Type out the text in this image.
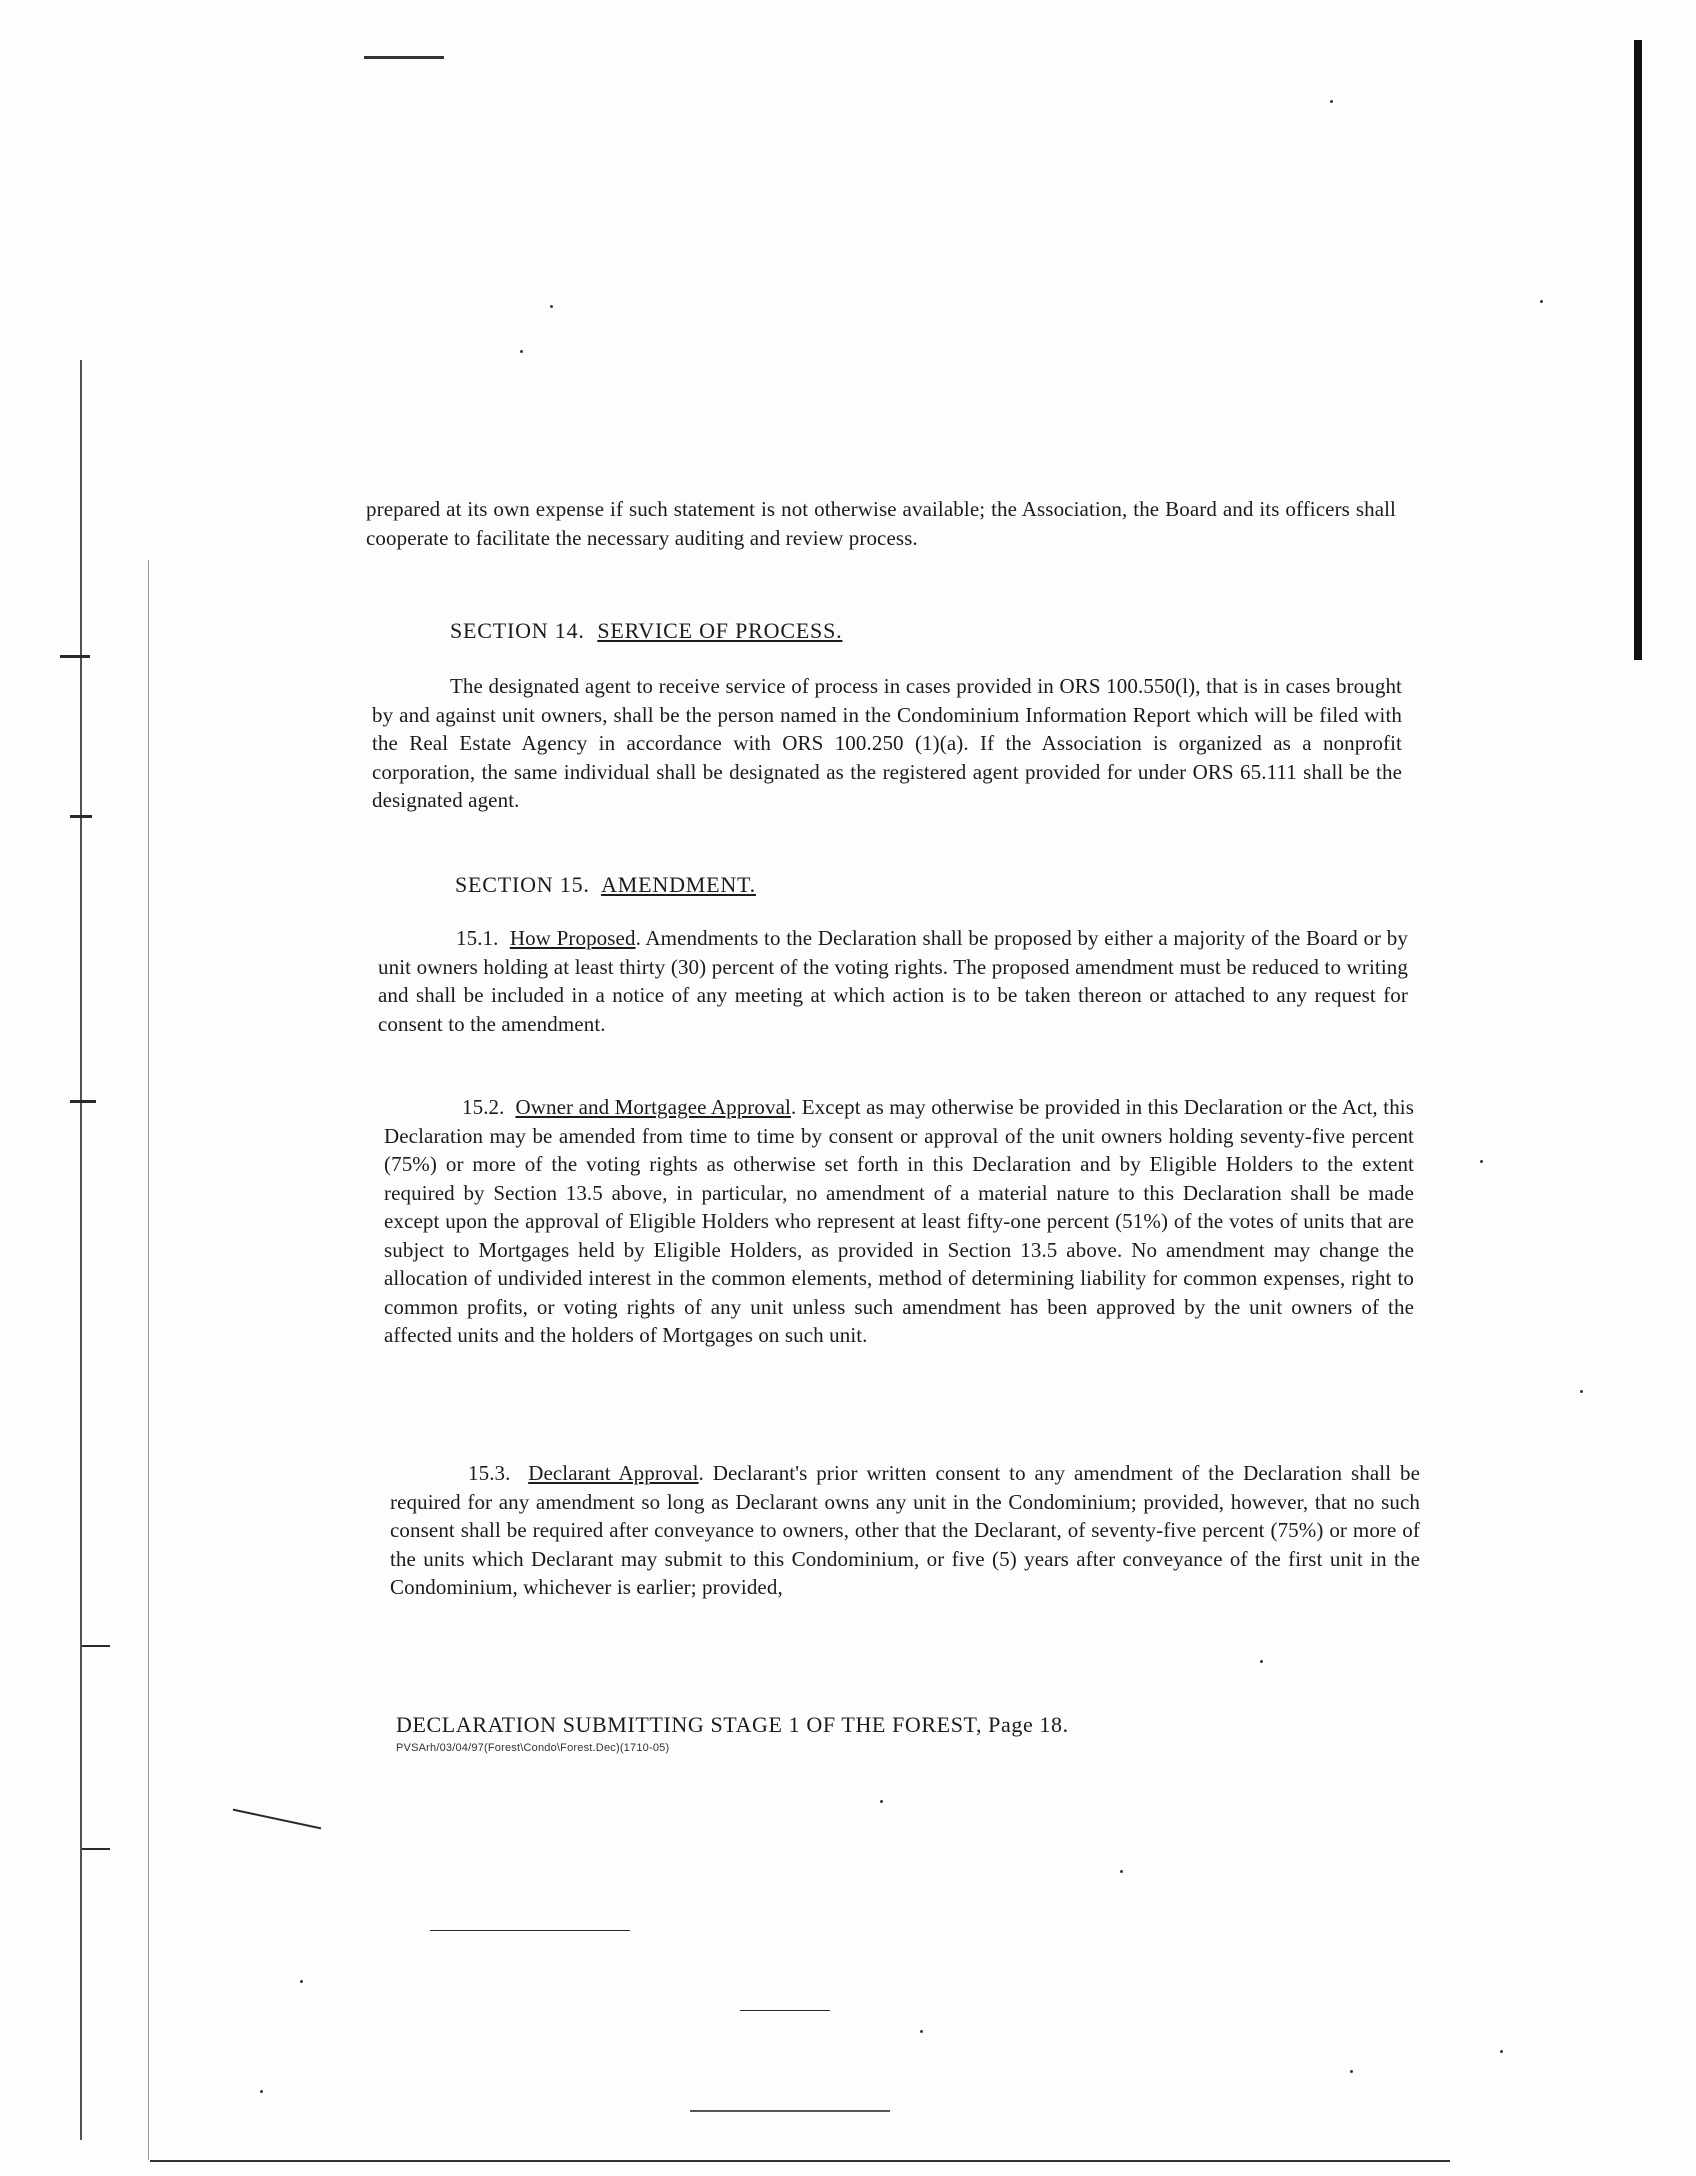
prepared at its own expense if such statement is not otherwise available; the Association, the Board and its officers shall cooperate to facilitate the necessary auditing and review process.

SECTION 14. SERVICE OF PROCESS.

The designated agent to receive service of process in cases provided in ORS 100.550(l), that is in cases brought by and against unit owners, shall be the person named in the Condominium Information Report which will be filed with the Real Estate Agency in accordance with ORS 100.250 (1)(a). If the Association is organized as a nonprofit corporation, the same individual shall be designated as the registered agent provided for under ORS 65.111 shall be the designated agent.

SECTION 15. AMENDMENT.

15.1. How Proposed. Amendments to the Declaration shall be proposed by either a majority of the Board or by unit owners holding at least thirty (30) percent of the voting rights. The proposed amendment must be reduced to writing and shall be included in a notice of any meeting at which action is to be taken thereon or attached to any request for consent to the amendment.

15.2. Owner and Mortgagee Approval. Except as may otherwise be provided in this Declaration or the Act, this Declaration may be amended from time to time by consent or approval of the unit owners holding seventy-five percent (75%) or more of the voting rights as otherwise set forth in this Declaration and by Eligible Holders to the extent required by Section 13.5 above, in particular, no amendment of a material nature to this Declaration shall be made except upon the approval of Eligible Holders who represent at least fifty-one percent (51%) of the votes of units that are subject to Mortgages held by Eligible Holders, as provided in Section 13.5 above. No amendment may change the allocation of undivided interest in the common elements, method of determining liability for common expenses, right to common profits, or voting rights of any unit unless such amendment has been approved by the unit owners of the affected units and the holders of Mortgages on such unit.

15.3. Declarant Approval. Declarant's prior written consent to any amendment of the Declaration shall be required for any amendment so long as Declarant owns any unit in the Condominium; provided, however, that no such consent shall be required after conveyance to owners, other that the Declarant, of seventy-five percent (75%) or more of the units which Declarant may submit to this Condominium, or five (5) years after conveyance of the first unit in the Condominium, whichever is earlier; provided,

DECLARATION SUBMITTING STAGE 1 OF THE FOREST, Page 18.
PVSArh/03/04/97(Forest\Condo\Forest.Dec)(1710-05)
